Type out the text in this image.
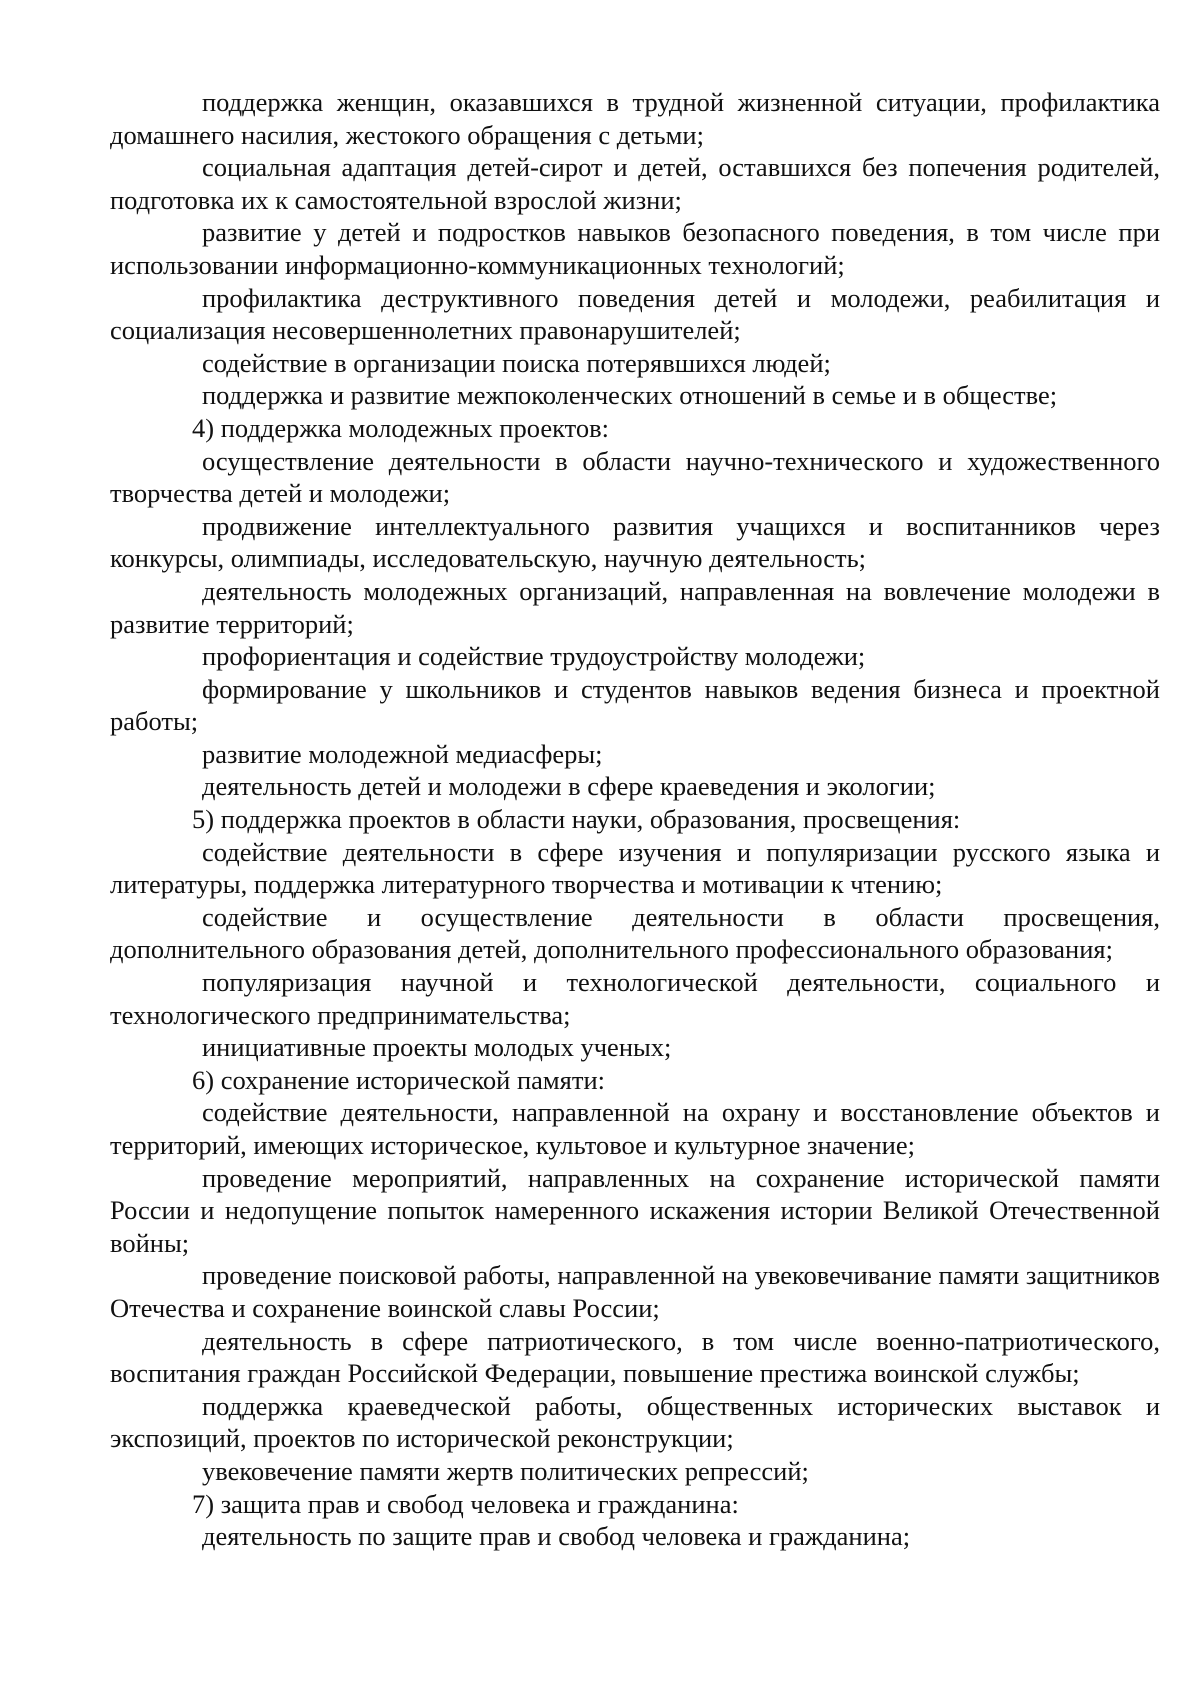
поддержка женщин, оказавшихся в трудной жизненной ситуации, профилактика домашнего насилия, жестокого обращения с детьми;

социальная адаптация детей-сирот и детей, оставшихся без попечения родителей, подготовка их к самостоятельной взрослой жизни;

развитие у детей и подростков навыков безопасного поведения, в том числе при использовании информационно-коммуникационных технологий;

профилактика деструктивного поведения детей и молодежи, реабилитация и социализация несовершеннолетних правонарушителей;

содействие в организации поиска потерявшихся людей;

поддержка и развитие межпоколенческих отношений в семье и в обществе;

4) поддержка молодежных проектов:

осуществление деятельности в области научно-технического и художественного творчества детей и молодежи;

продвижение интеллектуального развития учащихся и воспитанников через конкурсы, олимпиады, исследовательскую, научную деятельность;

деятельность молодежных организаций, направленная на вовлечение молодежи в развитие территорий;

профориентация и содействие трудоустройству молодежи;

формирование у школьников и студентов навыков ведения бизнеса и проектной работы;

развитие молодежной медиасферы;

деятельность детей и молодежи в сфере краеведения и экологии;

5) поддержка проектов в области науки, образования, просвещения:

содействие деятельности в сфере изучения и популяризации русского языка и литературы, поддержка литературного творчества и мотивации к чтению;

содействие и осуществление деятельности в области просвещения, дополнительного образования детей, дополнительного профессионального образования;

популяризация научной и технологической деятельности, социального и технологического предпринимательства;

инициативные проекты молодых ученых;

6) сохранение исторической памяти:

содействие деятельности, направленной на охрану и восстановление объектов и территорий, имеющих историческое, культовое и культурное значение;

проведение мероприятий, направленных на сохранение исторической памяти России и недопущение попыток намеренного искажения истории Великой Отечественной войны;

проведение поисковой работы, направленной на увековечивание памяти защитников Отечества и сохранение воинской славы России;

деятельность в сфере патриотического, в том числе военно-патриотического, воспитания граждан Российской Федерации, повышение престижа воинской службы;

поддержка краеведческой работы, общественных исторических выставок и экспозиций, проектов по исторической реконструкции;

увековечение памяти жертв политических репрессий;

7) защита прав и свобод человека и гражданина:

деятельность по защите прав и свобод человека и гражданина;
